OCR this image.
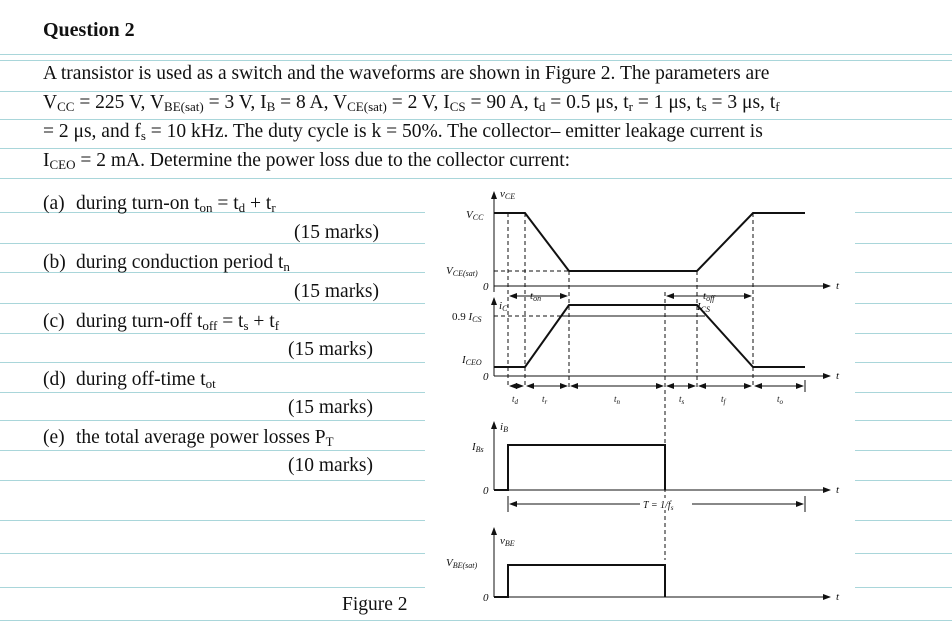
Question 2
A transistor is used as a switch and the waveforms are shown in Figure 2. The parameters are
$V_{CC} = 225$ V, $V_{BE(sat)} = 3$ V, $I_B = 8$ A, $V_{CE(sat)} = 2$ V, $I_{CS} = 90$ A, $t_d = 0.5$ μs, $t_r = 1$ μs, $t_s = 3$ μs, $t_f$
= 2 μs, and $f_s = 10$ kHz. The duty cycle is k = 50%. The collector– emitter leakage current is
$I_{CEO} = 2$ mA. Determine the power loss due to the collector current:
(a) during turn-on $t_{on} = t_d + t_r$
(15 marks)
(b) during conduction period $t_n$
(15 marks)
(c) during turn-off $t_{off} = t_s + t_f$
(15 marks)
(d) during off-time $t_{ot}$
(15 marks)
(e) the total average power losses $P_T$
(10 marks)
Figure 2
vCE
VCC
VCE(sat)
0	t
ton	toff
iC	ICS
0.9 ICS
ICEO
0	t
$t_d$	$t_r$	$t_n$	$t_s$	$t_f$	$t_o$
iB
IBs
0	t
$T = 1/f_s$
vBE
VBE(sat)
0	t
